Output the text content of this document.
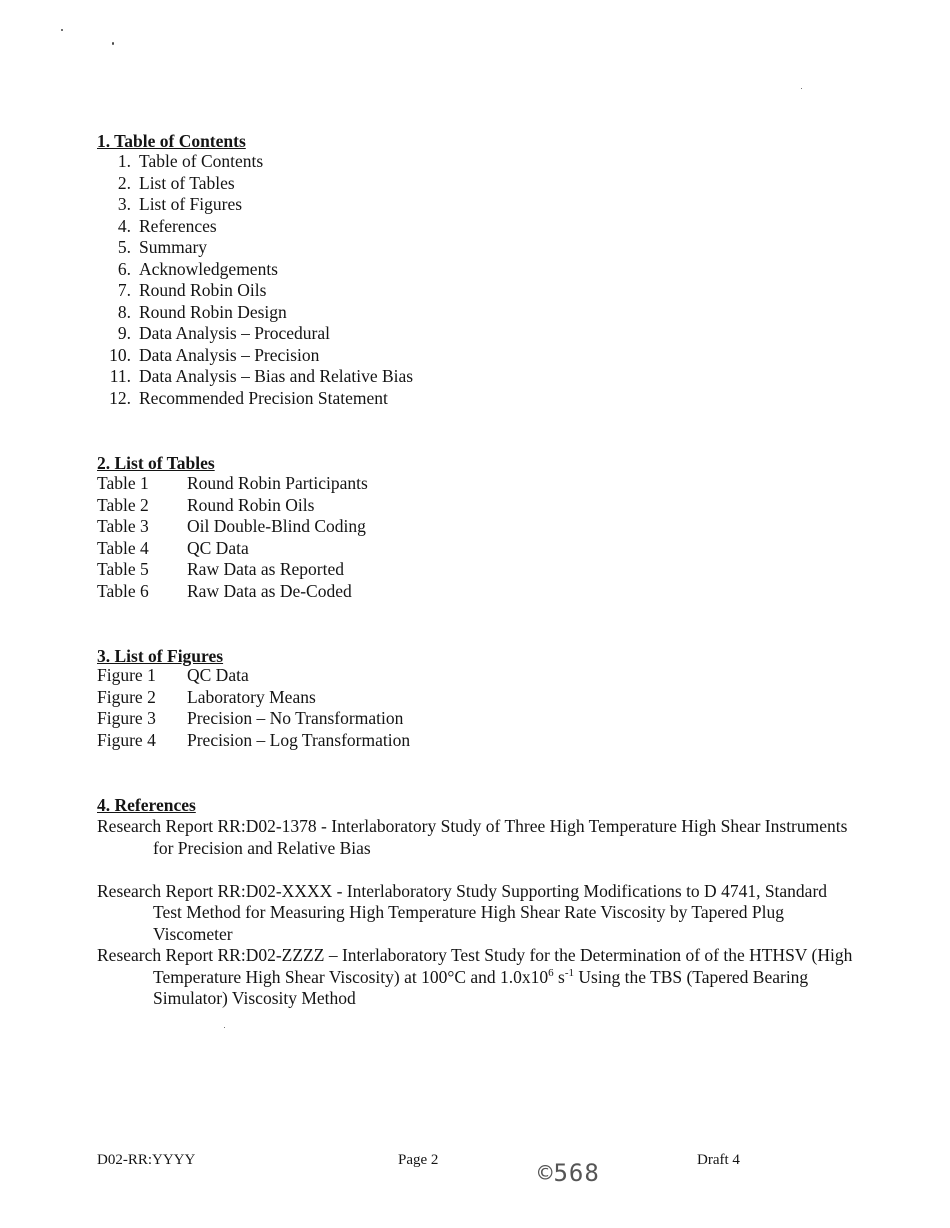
1. Table of Contents
1. Table of Contents
2. List of Tables
3. List of Figures
4. References
5. Summary
6. Acknowledgements
7. Round Robin Oils
8. Round Robin Design
9. Data Analysis – Procedural
10. Data Analysis – Precision
11. Data Analysis – Bias and Relative Bias
12. Recommended Precision Statement
2. List of Tables
Table 1 Round Robin Participants
Table 2 Round Robin Oils
Table 3 Oil Double-Blind Coding
Table 4 QC Data
Table 5 Raw Data as Reported
Table 6 Raw Data as De-Coded
3. List of Figures
Figure 1 QC Data
Figure 2 Laboratory Means
Figure 3 Precision – No Transformation
Figure 4 Precision – Log Transformation
4. References

Research Report RR:D02-1378 - Interlaboratory Study of Three High Temperature High Shear Instruments for Precision and Relative Bias

Research Report RR:D02-XXXX - Interlaboratory Study Supporting Modifications to D 4741, Standard Test Method for Measuring High Temperature High Shear Rate Viscosity by Tapered Plug Viscometer

Research Report RR:D02-ZZZZ – Interlaboratory Test Study for the Determination of of the HTHSV (High Temperature High Shear Viscosity) at 100°C and $1.0x10^6$ $s^{-1}$ Using the TBS (Tapered Bearing Simulator) Viscosity Method

D02-RR:YYYY	Page 2	©568	Draft 4
